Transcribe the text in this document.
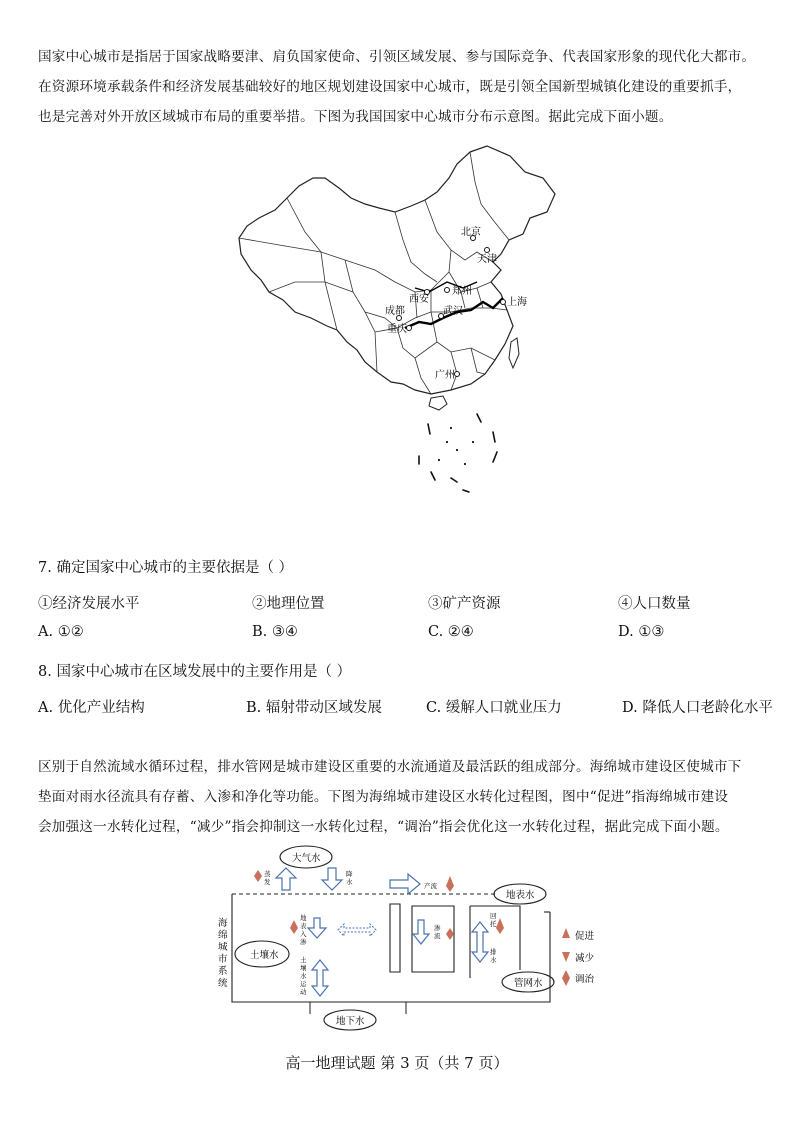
国家中心城市是指居于国家战略要津、肩负国家使命、引领区域发展、参与国际竞争、代表国家形象的现代化大都市。
在资源环境承载条件和经济发展基础较好的地区规划建设国家中心城市，既是引领全国新型城镇化建设的重要抓手，
也是完善对外开放区域城市布局的重要举措。下图为我国国家中心城市分布示意图。据此完成下面小题。
北京
天津
郑州
西安	上海
成都	武汉
重庆
广州
7. 确定国家中心城市的主要依据是（ ）
①经济发展水平	②地理位置	③矿产资源	④人口数量
A. ①②	B. ③④	C. ②④	D. ①③
8. 国家中心城市在区域发展中的主要作用是（ ）
A. 优化产业结构	B. 辐射带动区域发展	C. 缓解人口就业压力	D. 降低人口老龄化水平
区别于自然流域水循环过程，排水管网是城市建设区重要的水流通道及最活跃的组成部分。海绵城市建设区使城市下
垫面对雨水径流具有存蓄、入渗和净化等功能。下图为海绵城市建设区水转化过程图，图中“促进”指海绵城市建设
会加强这一水转化过程，“减少”指会抑制这一水转化过程，“调治”指会优化这一水转化过程，据此完成下面小题。
大气水
地表水
土壤水
管网水
地下水
海
绵
城
市
系
统
蒸
发
降
水	产流
地
表
入
渗
土
壤
水
运
动
渗
流
回
托
排
水
促进
减少
调治
高一地理试题 第 3 页（共 7 页）
